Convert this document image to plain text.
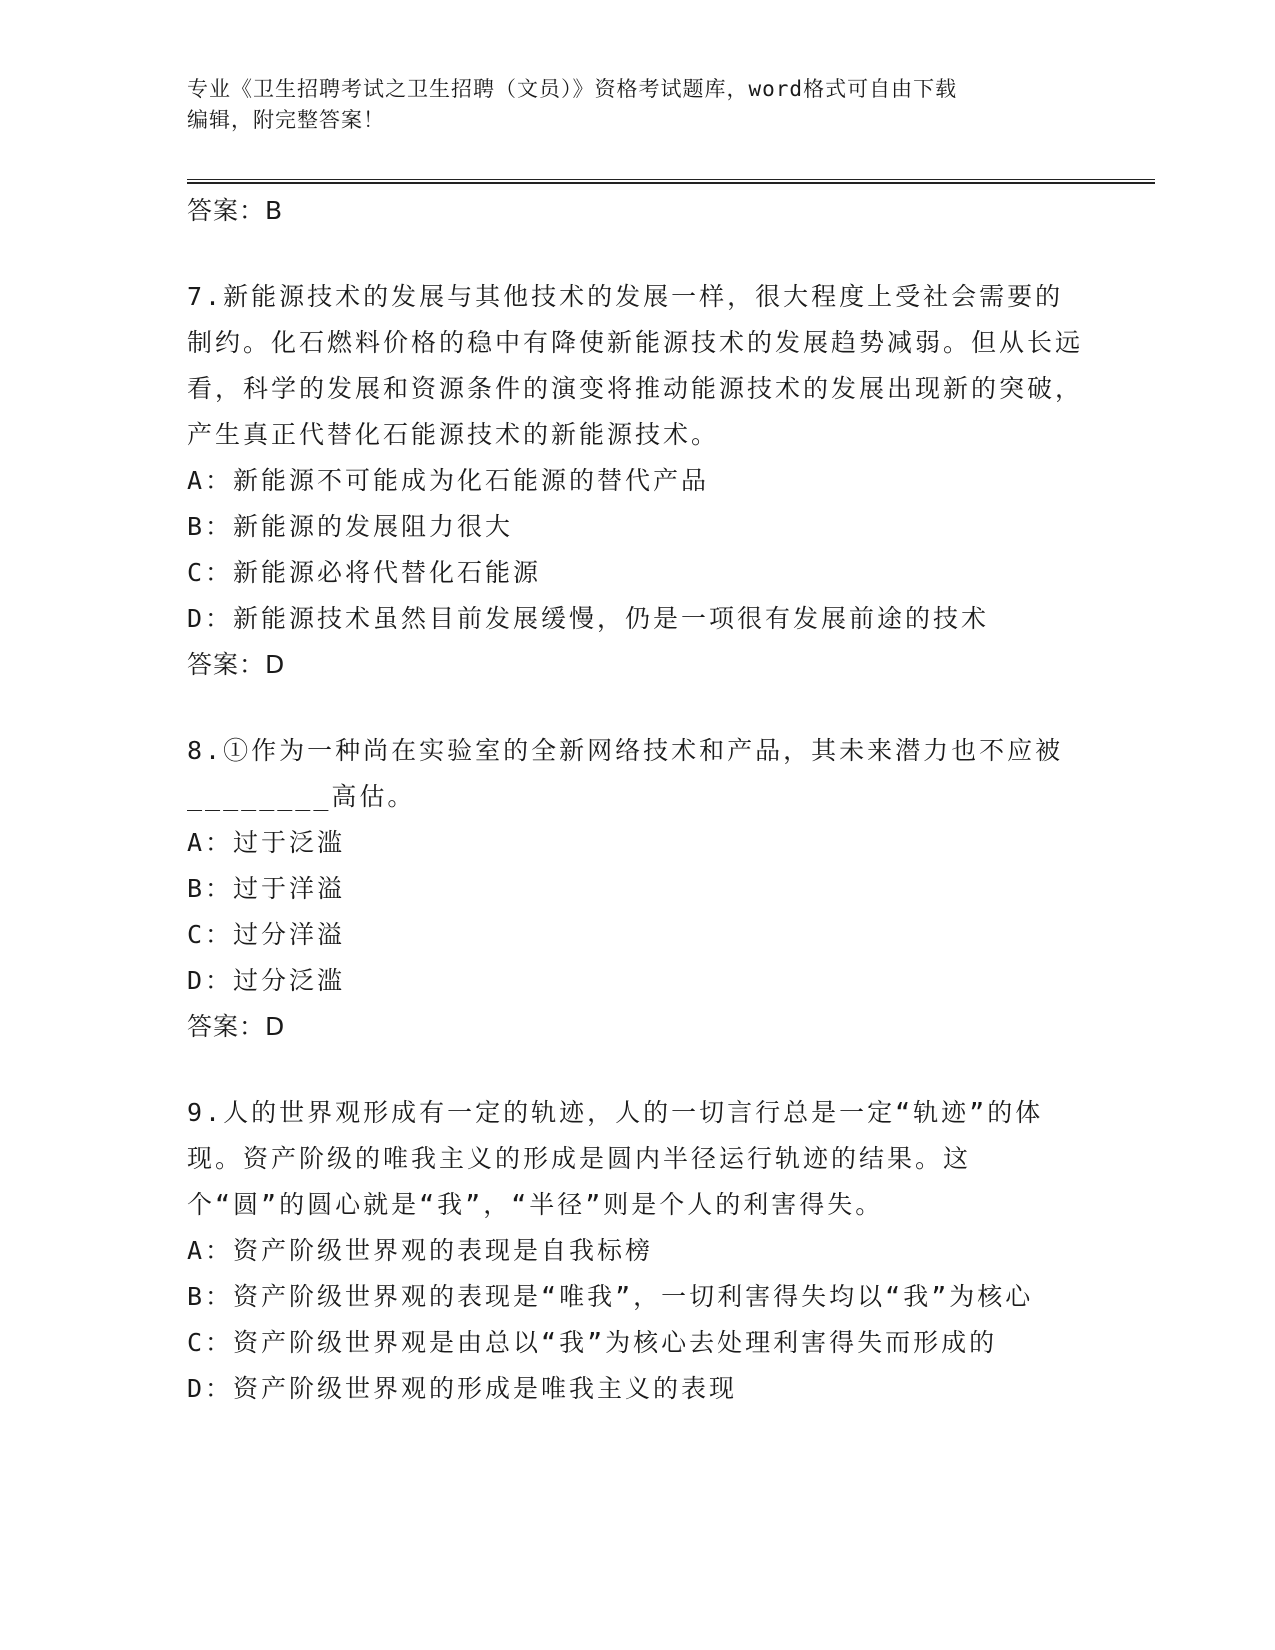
专业《卫生招聘考试之卫生招聘（文员）》资格考试题库，word格式可自由下载
编辑，附完整答案！
答案：B
7.新能源技术的发展与其他技术的发展一样，很大程度上受社会需要的制约。化石燃料价格的稳中有降使新能源技术的发展趋势减弱。但从长远看，科学的发展和资源条件的演变将推动能源技术的发展出现新的突破，产生真正代替化石能源技术的新能源技术。
A：新能源不可能成为化石能源的替代产品
B：新能源的发展阻力很大
C：新能源必将代替化石能源
D：新能源技术虽然目前发展缓慢，仍是一项很有发展前途的技术
答案：D
8.①作为一种尚在实验室的全新网络技术和产品，其未来潜力也不应被________高估。
A：过于泛滥
B：过于洋溢
C：过分洋溢
D：过分泛滥
答案：D
9.人的世界观形成有一定的轨迹，人的一切言行总是一定“轨迹”的体现。资产阶级的唯我主义的形成是圆内半径运行轨迹的结果。这个“圆”的圆心就是“我”，“半径”则是个人的利害得失。
A：资产阶级世界观的表现是自我标榜
B：资产阶级世界观的表现是“唯我”，一切利害得失均以“我”为核心
C：资产阶级世界观是由总以“我”为核心去处理利害得失而形成的
D：资产阶级世界观的形成是唯我主义的表现
